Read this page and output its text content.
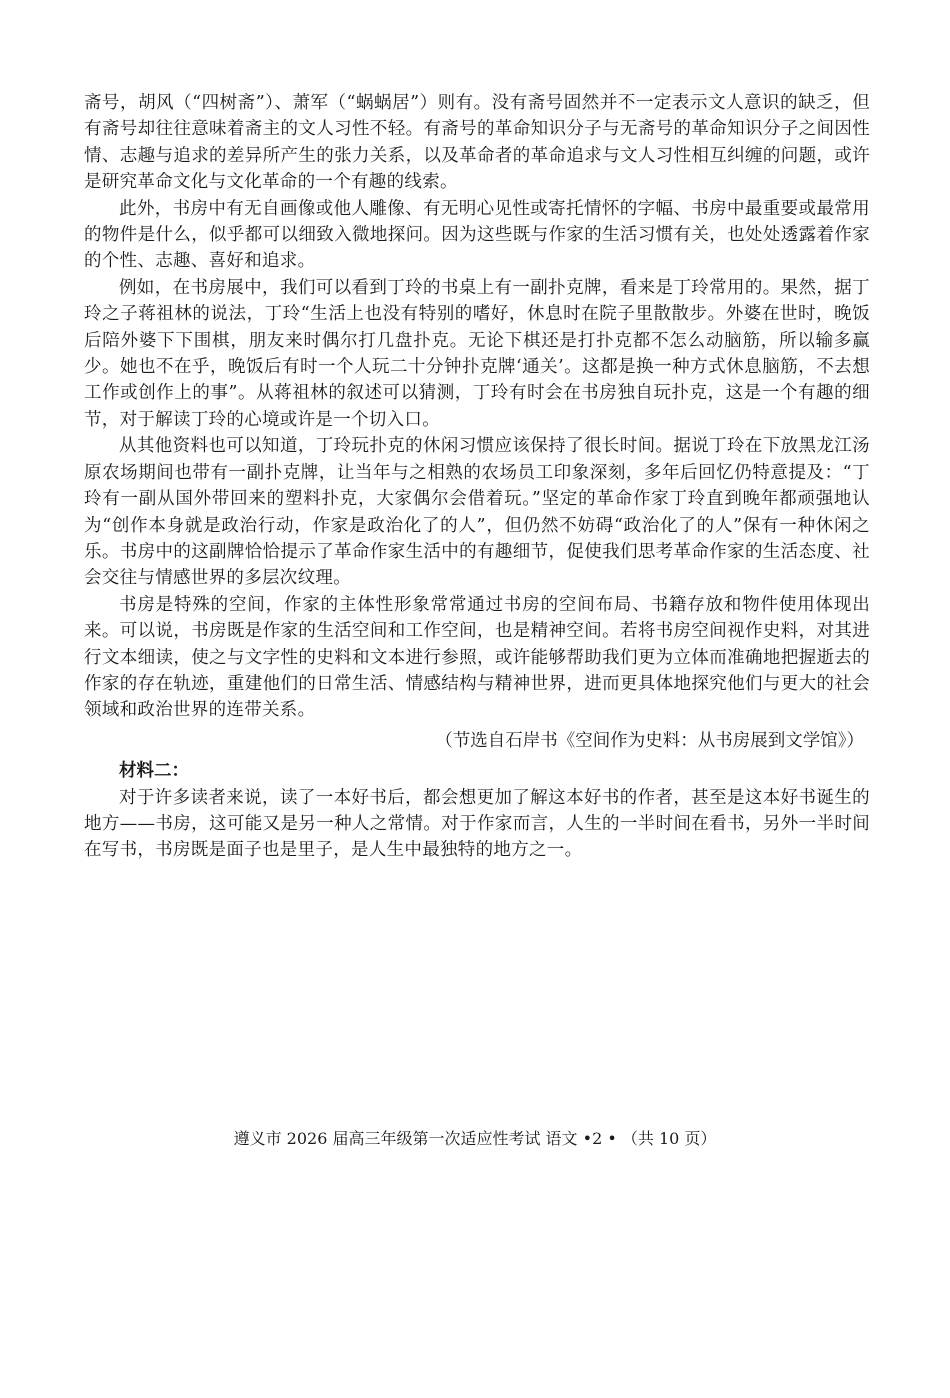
斋号，胡风（“四树斋”）、萧军（“蜗蜗居”）则有。没有斋号固然并不一定表示文人意识的缺乏，但有斋号却往往意味着斋主的文人习性不轻。有斋号的革命知识分子与无斋号的革命知识分子之间因性情、志趣与追求的差异所产生的张力关系，以及革命者的革命追求与文人习性相互纠缠的问题，或许是研究革命文化与文化革命的一个有趣的线索。

此外，书房中有无自画像或他人雕像、有无明心见性或寄托情怀的字幅、书房中最重要或最常用的物件是什么，似乎都可以细致入微地探问。因为这些既与作家的生活习惯有关，也处处透露着作家的个性、志趣、喜好和追求。

例如，在书房展中，我们可以看到丁玲的书桌上有一副扑克牌，看来是丁玲常用的。果然，据丁玲之子蒋祖林的说法，丁玲“生活上也没有特别的嗜好，休息时在院子里散散步。外婆在世时，晚饭后陪外婆下下围棋，朋友来时偶尔打几盘扑克。无论下棋还是打扑克都不怎么动脑筋，所以输多赢少。她也不在乎，晚饭后有时一个人玩二十分钟扑克牌‘通关’。这都是换一种方式休息脑筋，不去想工作或创作上的事”。从蒋祖林的叙述可以猜测，丁玲有时会在书房独自玩扑克，这是一个有趣的细节，对于解读丁玲的心境或许是一个切入口。

从其他资料也可以知道，丁玲玩扑克的休闲习惯应该保持了很长时间。据说丁玲在下放黑龙江汤原农场期间也带有一副扑克牌，让当年与之相熟的农场员工印象深刻，多年后回忆仍特意提及：“丁玲有一副从国外带回来的塑料扑克，大家偶尔会借着玩。”坚定的革命作家丁玲直到晚年都顽强地认为“创作本身就是政治行动，作家是政治化了的人”，但仍然不妨碍“政治化了的人”保有一种休闲之乐。书房中的这副牌恰恰提示了革命作家生活中的有趣细节，促使我们思考革命作家的生活态度、社会交往与情感世界的多层次纹理。

书房是特殊的空间，作家的主体性形象常常通过书房的空间布局、书籍存放和物件使用体现出来。可以说，书房既是作家的生活空间和工作空间，也是精神空间。若将书房空间视作史料，对其进行文本细读，使之与文字性的史料和文本进行参照，或许能够帮助我们更为立体而准确地把握逝去的作家的存在轨迹，重建他们的日常生活、情感结构与精神世界，进而更具体地探究他们与更大的社会领域和政治世界的连带关系。

（节选自石岸书《空间作为史料：从书房展到文学馆》）

材料二：

对于许多读者来说，读了一本好书后，都会想更加了解这本好书的作者，甚至是这本好书诞生的地方——书房，这可能又是另一种人之常情。对于作家而言，人生的一半时间在看书，另外一半时间在写书，书房既是面子也是里子，是人生中最独特的地方之一。

遵义市 2026 届高三年级第一次适应性考试 语文 •2 • （共 10 页）
